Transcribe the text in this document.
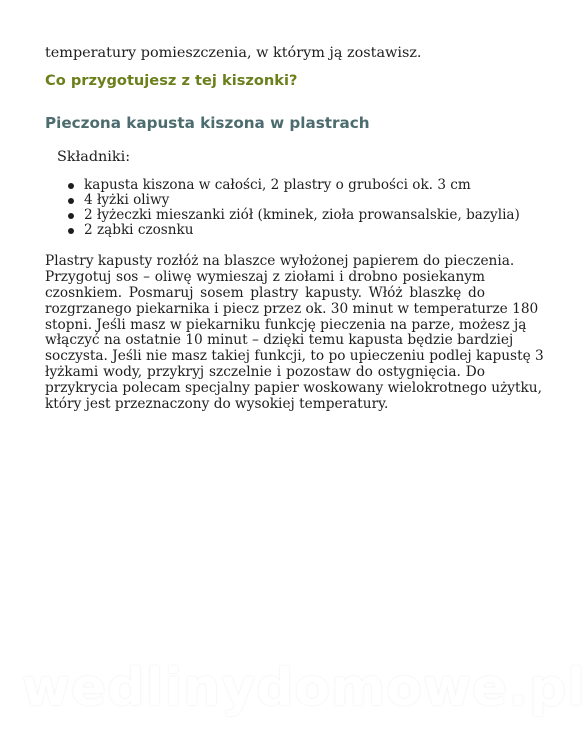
temperatury pomieszczenia, w którym ją zostawisz.
Co przygotujesz z tej kiszonki?
Pieczona kapusta kiszona w plastrach
Składniki:
kapusta kiszona w całości, 2 plastry o grubości ok. 3 cm
4 łyżki oliwy
2 łyżeczki mieszanki ziół (kminek, zioła prowansalskie, bazylia)
2 ząbki czosnku
Plastry kapusty rozłóż na blaszce wyłożonej papierem do pieczenia.
Przygotuj sos – oliwę wymieszaj z ziołami i drobno posiekanym
czosnkiem. Posmaruj sosem plastry kapusty. Włóż blaszkę do
rozgrzanego piekarnika i piecz przez ok. 30 minut w temperaturze 180
stopni. Jeśli masz w piekarniku funkcję pieczenia na parze, możesz ją
włączyć na ostatnie 10 minut – dzięki temu kapusta będzie bardziej
soczysta. Jeśli nie masz takiej funkcji, to po upieczeniu podlej kapustę 3
łyżkami wody, przykryj szczelnie i pozostaw do ostygnięcia. Do
przykrycia polecam specjalny papier woskowany wielokrotnego użytku,
który jest przeznaczony do wysokiej temperatury.
wedlinydomowe.pl
